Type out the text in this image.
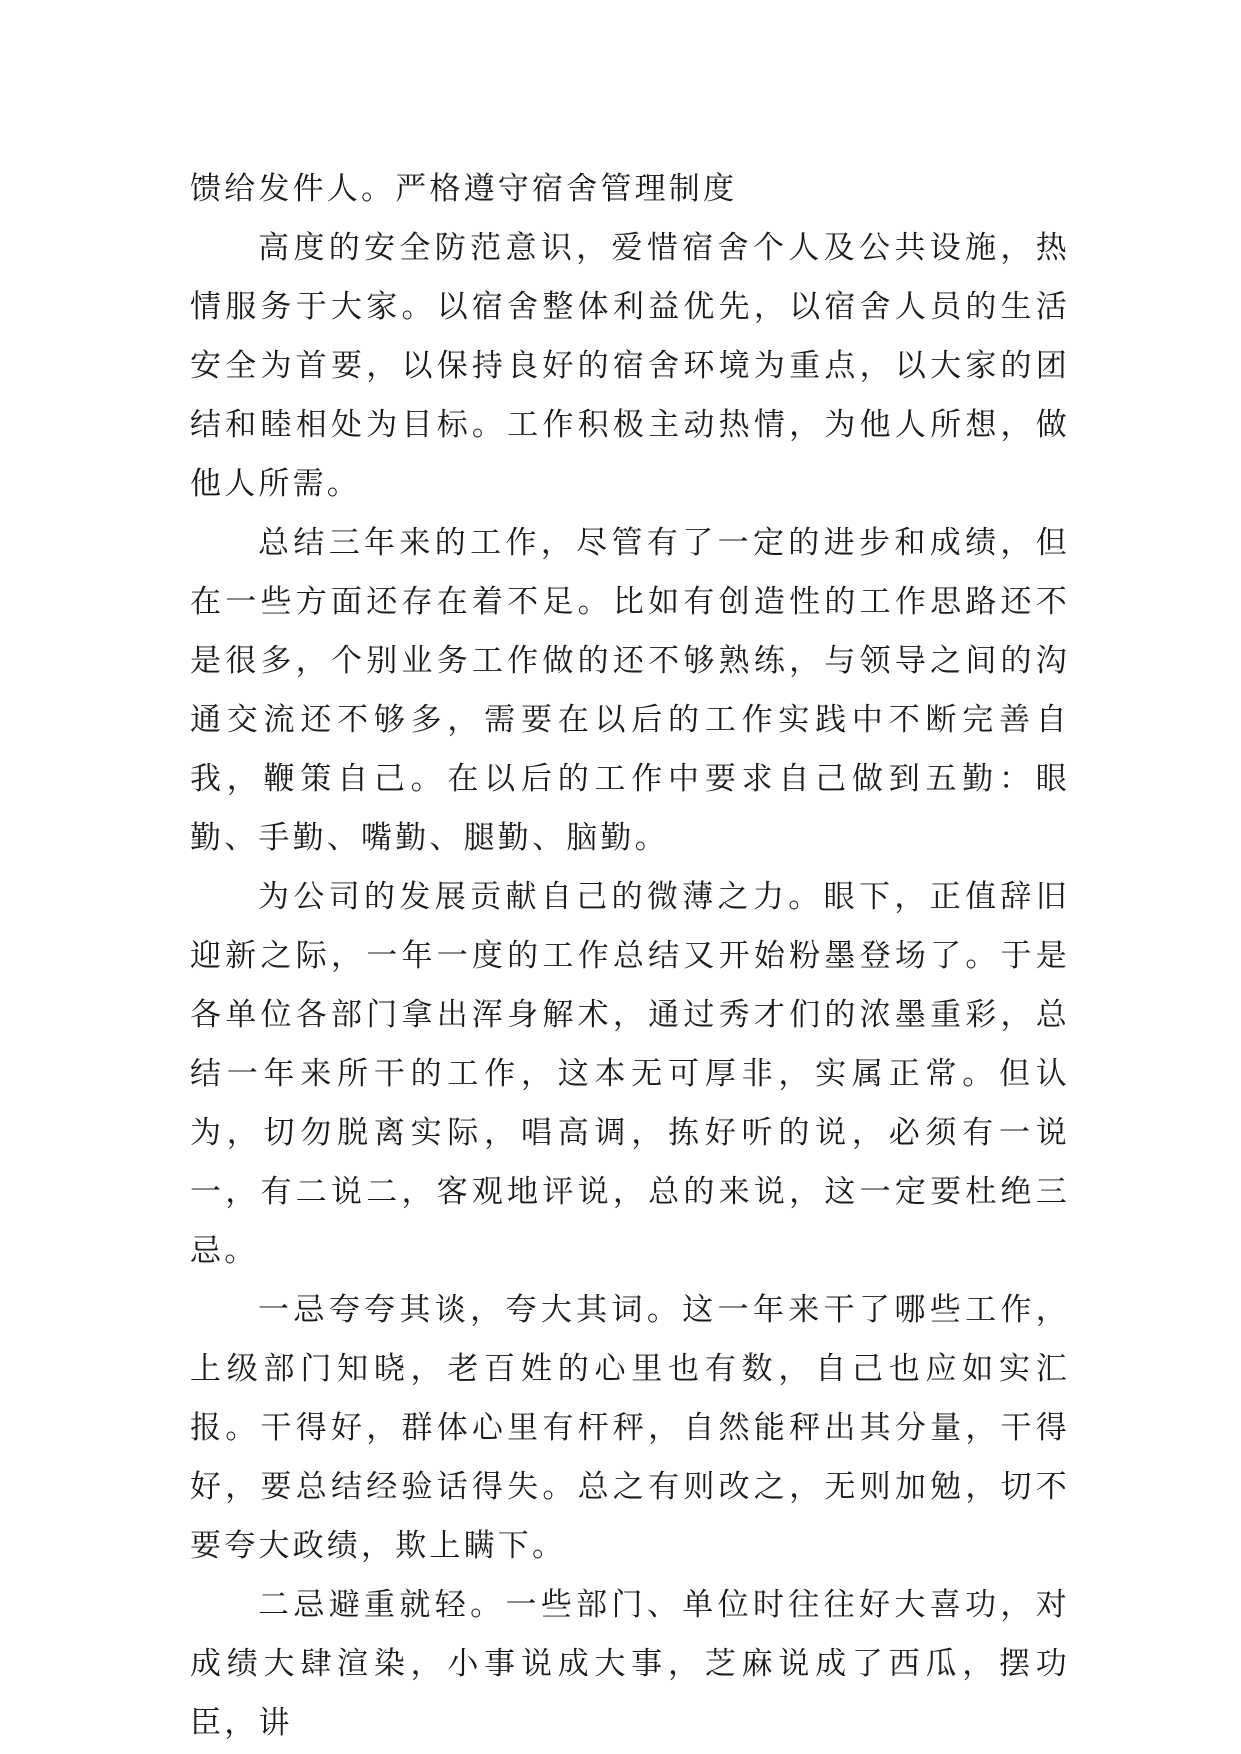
馈给发件人。严格遵守宿舍管理制度

高度的安全防范意识，爱惜宿舍个人及公共设施，热情服务于大家。以宿舍整体利益优先，以宿舍人员的生活安全为首要，以保持良好的宿舍环境为重点，以大家的团结和睦相处为目标。工作积极主动热情，为他人所想，做他人所需。

总结三年来的工作，尽管有了一定的进步和成绩，但在一些方面还存在着不足。比如有创造性的工作思路还不是很多，个别业务工作做的还不够熟练，与领导之间的沟通交流还不够多，需要在以后的工作实践中不断完善自我，鞭策自己。在以后的工作中要求自己做到五勤：眼勤、手勤、嘴勤、腿勤、脑勤。

为公司的发展贡献自己的微薄之力。眼下，正值辞旧迎新之际，一年一度的工作总结又开始粉墨登场了。于是各单位各部门拿出浑身解术，通过秀才们的浓墨重彩，总结一年来所干的工作，这本无可厚非，实属正常。但认为，切勿脱离实际，唱高调，拣好听的说，必须有一说一，有二说二，客观地评说，总的来说，这一定要杜绝三忌。

一忌夸夸其谈，夸大其词。这一年来干了哪些工作，上级部门知晓，老百姓的心里也有数，自己也应如实汇报。干得好，群体心里有杆秤，自然能秤出其分量，干得好，要总结经验话得失。总之有则改之，无则加勉，切不要夸大政绩，欺上瞒下。

二忌避重就轻。一些部门、单位时往往好大喜功，对成绩大肆渲染，小事说成大事，芝麻说成了西瓜，摆功臣，讲
